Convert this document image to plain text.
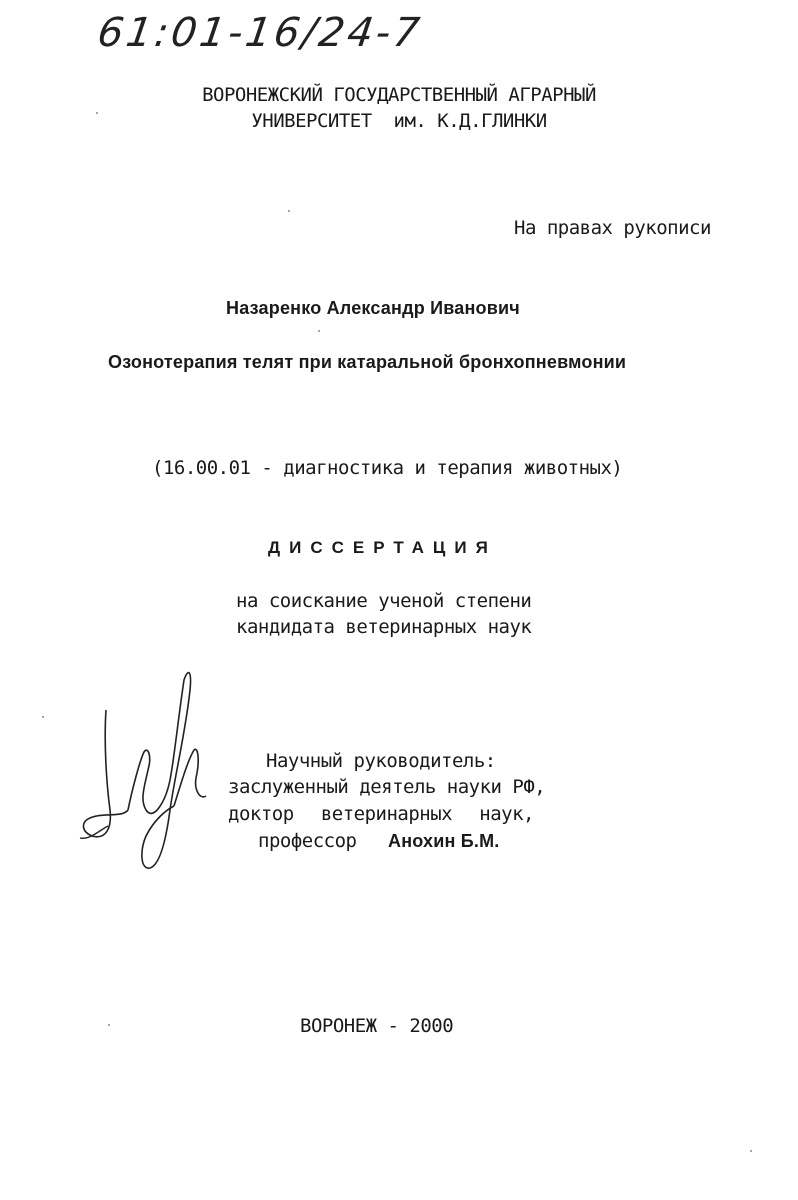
61:01-16/24-7
ВОРОНЕЖСКИЙ ГОСУДАРСТВЕННЫЙ АГРАРНЫЙ
УНИВЕРСИТЕТ  им. К.Д.ГЛИНКИ
На правах рукописи
Назаренко Александр Иванович
Озонотерапия телят при катаральной бронхопневмонии
(16.00.01 - диагностика и терапия животных)
ДИССЕРТАЦИЯ
на соискание ученой степени
кандидата ветеринарных наук
Научный руководитель:
заслуженный деятель науки РФ,
доктор ветеринарных наук,
профессор Анохин Б.М.
ВОРОНЕЖ - 2000
